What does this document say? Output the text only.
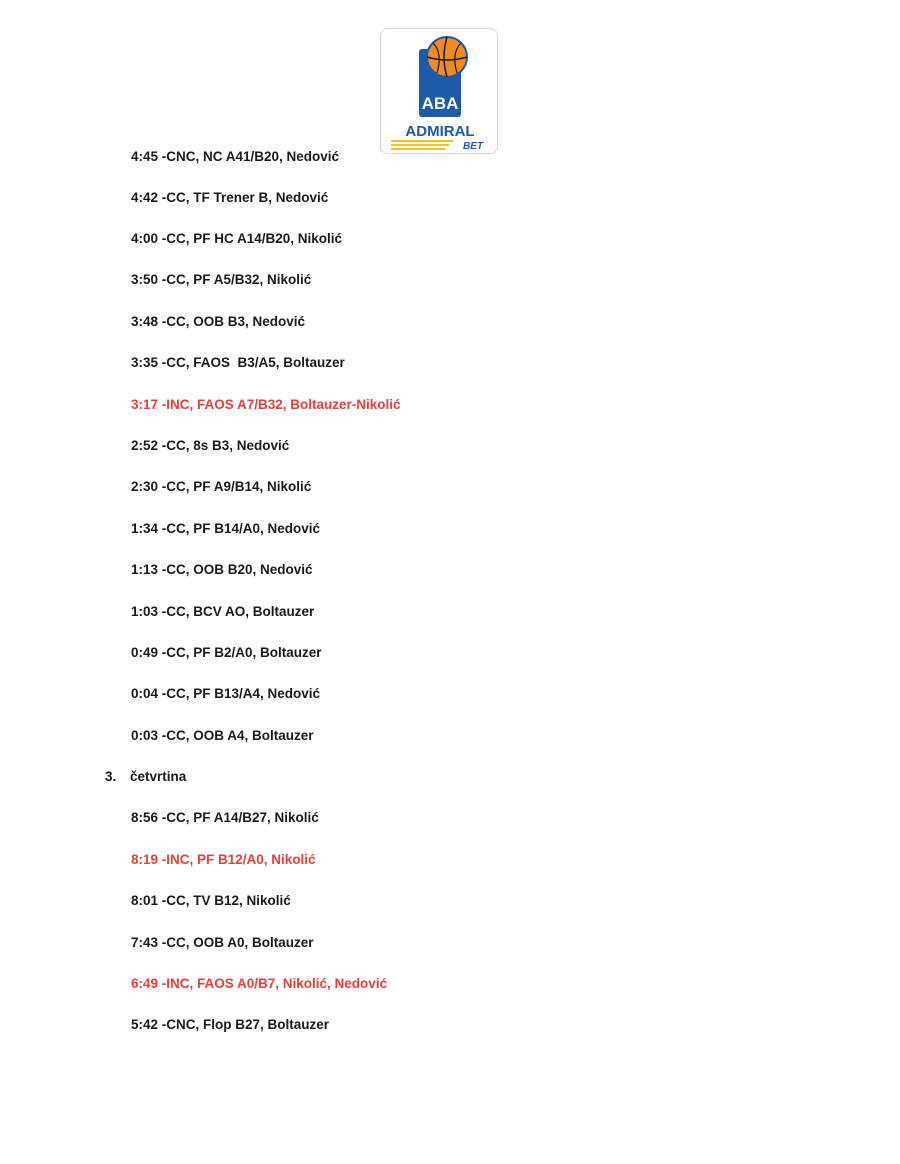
ABA
ADMIRAL
BET
4:45 -CNC, NC A41/B20, Nedović
4:42 -CC, TF Trener B, Nedović
4:00 -CC, PF HC A14/B20, Nikolić
3:50 -CC, PF A5/B32, Nikolić
3:48 -CC, OOB B3, Nedović
3:35 -CC, FAOS  B3/A5, Boltauzer
3:17 -INC, FAOS A7/B32, Boltauzer-Nikolić
2:52 -CC, 8s B3, Nedović
2:30 -CC, PF A9/B14, Nikolić
1:34 -CC, PF B14/A0, Nedović
1:13 -CC, OOB B20, Nedović
1:03 -CC, BCV AO, Boltauzer
0:49 -CC, PF B2/A0, Boltauzer
0:04 -CC, PF B13/A4, Nedović
0:03 -CC, OOB A4, Boltauzer
3. četvrtina
8:56 -CC, PF A14/B27, Nikolić
8:19 -INC, PF B12/A0, Nikolić
8:01 -CC, TV B12, Nikolić
7:43 -CC, OOB A0, Boltauzer
6:49 -INC, FAOS A0/B7, Nikolić, Nedović
5:42 -CNC, Flop B27, Boltauzer
